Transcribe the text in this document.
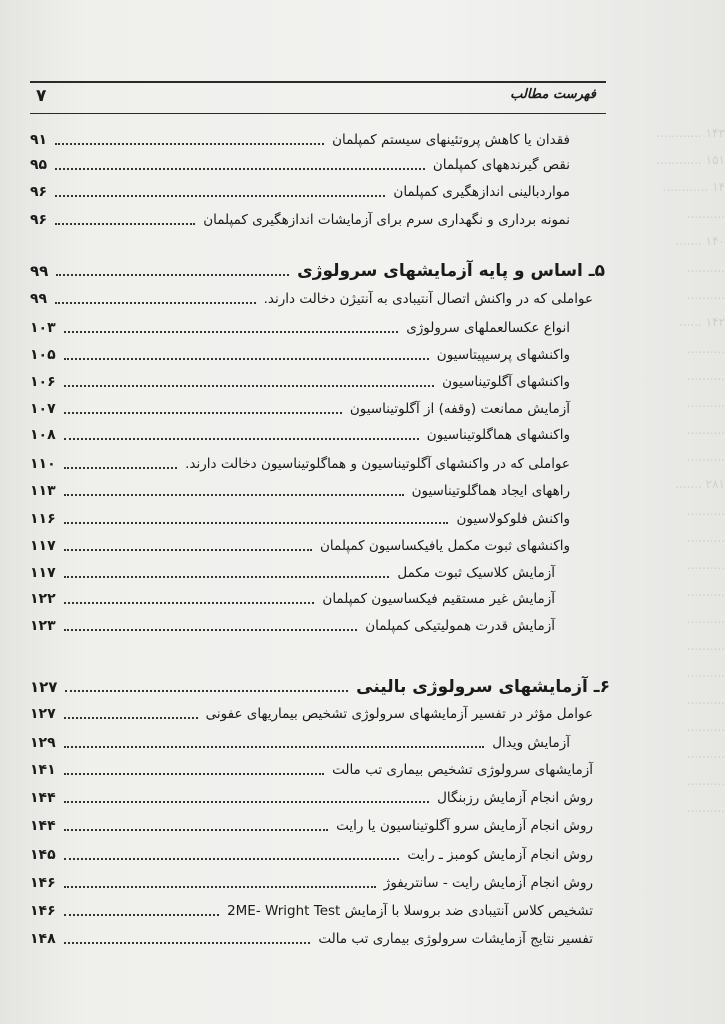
۱۴۳ ............
۱۵۱ ............
۱۴ ............
..........
۱۴۰ .......
..........
..........
۱۴۲ ......
..........
..........
..........
..........
..........
۲۸۱ .......
..........
..........
..........
..........
..........
..........
..........
..........
..........
..........
..........
..........
فهرست مطالب
۷
۹۱	فقدان یا کاهش پروتئینهای سیستم کمپلمان
۹۵	نقص گیرندههای کمپلمان
۹۶	مواردبالینی اندازهگیری کمپلمان
۹۶	نمونه برداری و نگهداری سرم برای آزمایشات اندازهگیری کمپلمان
۹۹	۵ـ اساس و پایه آزمایشهای سرولوژی
۹۹	عواملی که در واکنش اتصال آنتیبادی به آنتیژن دخالت دارند.
۱۰۳	انواع عکسالعملهای سرولوژی
۱۰۵	واکنشهای پرسیپیتاسیون
۱۰۶	واکنشهای آگلوتیناسیون
۱۰۷	آزمایش ممانعت (وقفه) از آگلوتیناسیون
۱۰۸	واکنشهای هماگلوتیناسیون
۱۱۰	عواملی که در واکنشهای آگلوتیناسیون و هماگلوتیناسیون دخالت دارند.
۱۱۳	راههای ایجاد هماگلوتیناسیون
۱۱۶	واکنش فلوکولاسیون
۱۱۷	واکنشهای ثبوت مکمل یافیکساسیون کمپلمان
۱۱۷	آزمایش کلاسیک ثبوت مکمل
۱۲۲	آزمایش غیر مستقیم فیکساسیون کمپلمان
۱۲۳	آزمایش قدرت همولیتیکی کمپلمان
۱۲۷	۶ـ آزمایشهای سرولوژی بالینی
۱۲۷	عوامل مؤثر در تفسیر آزمایشهای سرولوژی تشخیص بیماریهای عفونی
۱۲۹	آزمایش ویدال
۱۴۱	آزمایشهای سرولوژی تشخیص بیماری تب مالت
۱۴۴	روش انجام آزمایش رزبنگال
۱۴۴	روش انجام آزمایش سرو آگلوتیناسیون یا رایت
۱۴۵	روش انجام آزمایش کومبز ـ رایت
۱۴۶	روش انجام آزمایش رایت - سانتریفوژ
۱۴۶	تشخیص کلاس آنتیبادی ضد بروسلا با آزمایش 2ME- Wright Test
۱۴۸	تفسیر نتایج آزمایشات سرولوژی بیماری تب مالت
